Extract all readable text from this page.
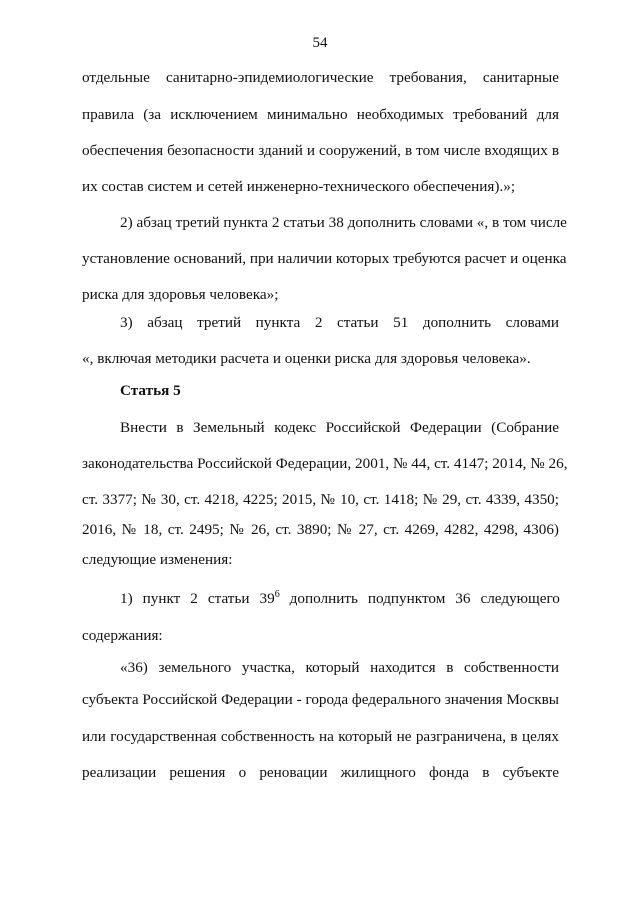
54
отдельные санитарно-эпидемиологические требования, санитарные
правила (за исключением минимально необходимых требований для
обеспечения безопасности зданий и сооружений, в том числе входящих в
их состав систем и сетей инженерно-технического обеспечения).»;
2) абзац третий пункта 2 статьи 38 дополнить словами «, в том числе
установление оснований, при наличии которых требуются расчет и оценка
риска для здоровья человека»;
3) абзац третий пункта 2 статьи 51 дополнить словами
«, включая методики расчета и оценки риска для здоровья человека».
Статья 5
Внести в Земельный кодекс Российской Федерации (Собрание
законодательства Российской Федерации, 2001, № 44, ст. 4147; 2014, № 26,
ст. 3377; № 30, ст. 4218, 4225; 2015, № 10, ст. 1418; № 29, ст. 4339, 4350;
2016, № 18, ст. 2495; № 26, ст. 3890; № 27, ст. 4269, 4282, 4298, 4306)
следующие изменения:
1) пункт 2 статьи $39^6$ дополнить подпунктом 36 следующего
содержания:
«36) земельного участка, который находится в собственности
субъекта Российской Федерации - города федерального значения Москвы
или государственная собственность на который не разграничена, в целях
реализации решения о реновации жилищного фонда в субъекте
